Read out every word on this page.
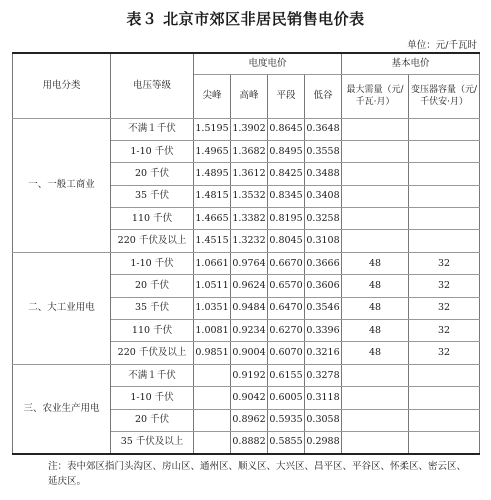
表３ 北京市郊区非居民销售电价表
单位：元/千瓦时
用电分类	电压等级	电度电价				基本电价	
		尖峰	高峰	平段	低谷	最大需量（元/千瓦·月）	变压器容量（元/千伏安·月）
一、一般工商业	不满１千伏	1.5195	1.3902	0.8645	0.3648		
	1-10 千伏	1.4965	1.3682	0.8495	0.3558		
	20 千伏	1.4895	1.3612	0.8425	0.3488		
	35 千伏	1.4815	1.3532	0.8345	0.3408		
	110 千伏	1.4665	1.3382	0.8195	0.3258		
	220 千伏及以上	1.4515	1.3232	0.8045	0.3108		
二、大工业用电	1-10 千伏	1.0661	0.9764	0.6670	0.3666	48	32
	20 千伏	1.0511	0.9624	0.6570	0.3606	48	32
	35 千伏	1.0351	0.9484	0.6470	0.3546	48	32
	110 千伏	1.0081	0.9234	0.6270	0.3396	48	32
	220 千伏及以上	0.9851	0.9004	0.6070	0.3216	48	32
三、农业生产用电	不满１千伏		0.9192	0.6155	0.3278		
	1-10 千伏		0.9042	0.6005	0.3118		
	20 千伏		0.8962	0.5935	0.3058		
	35 千伏及以上		0.8882	0.5855	0.2988		
注：表中郊区指门头沟区、房山区、通州区、顺义区、大兴区、昌平区、平谷区、怀柔区、密云区、延庆区。
